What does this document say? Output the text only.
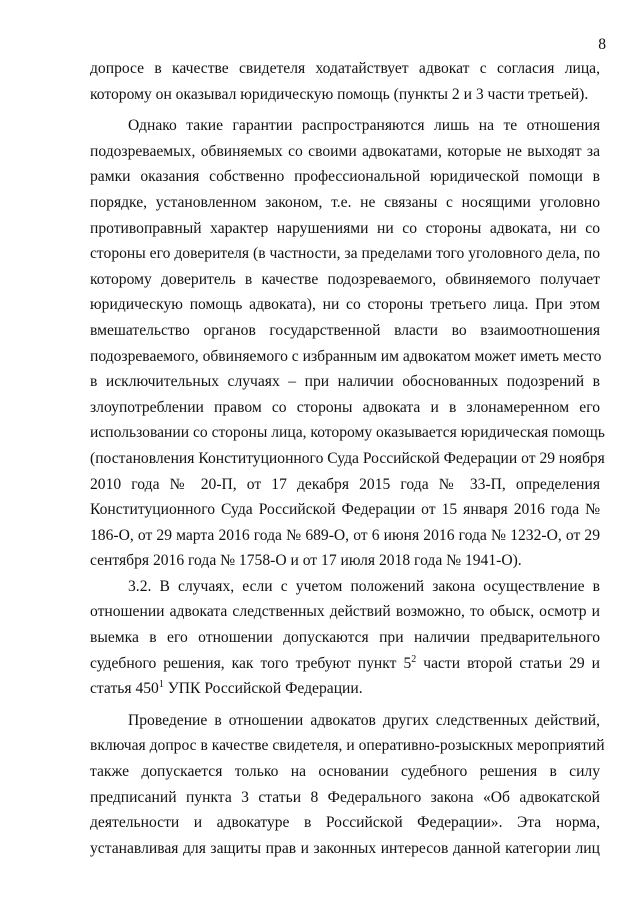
8
допросе в качестве свидетеля ходатайствует адвокат с согласия лица,
которому он оказывал юридическую помощь (пункты 2 и 3 части третьей).
Однако такие гарантии распространяются лишь на те отношения
подозреваемых, обвиняемых со своими адвокатами, которые не выходят за
рамки оказания собственно профессиональной юридической помощи в
порядке, установленном законом, т.е. не связаны с носящими уголовно
противоправный характер нарушениями ни со стороны адвоката, ни со
стороны его доверителя (в частности, за пределами того уголовного дела, по
которому доверитель в качестве подозреваемого, обвиняемого получает
юридическую помощь адвоката), ни со стороны третьего лица. При этом
вмешательство органов государственной власти во взаимоотношения
подозреваемого, обвиняемого с избранным им адвокатом может иметь место
в исключительных случаях – при наличии обоснованных подозрений в
злоупотреблении правом со стороны адвоката и в злонамеренном его
использовании со стороны лица, которому оказывается юридическая помощь
(постановления Конституционного Суда Российской Федерации от 29 ноября
2010 года № 20-П, от 17 декабря 2015 года № 33-П, определения
Конституционного Суда Российской Федерации от 15 января 2016 года №
186-О, от 29 марта 2016 года № 689-О, от 6 июня 2016 года № 1232-О, от 29
сентября 2016 года № 1758-О и от 17 июля 2018 года № 1941-О).
3.2. В случаях, если с учетом положений закона осуществление в
отношении адвоката следственных действий возможно, то обыск, осмотр и
выемка в его отношении допускаются при наличии предварительного
судебного решения, как того требуют пункт $5^2$ части второй статьи 29 и
статья $450^1$ УПК Российской Федерации.
Проведение в отношении адвокатов других следственных действий,
включая допрос в качестве свидетеля, и оперативно-розыскных мероприятий
также допускается только на основании судебного решения в силу
предписаний пункта 3 статьи 8 Федерального закона «Об адвокатской
деятельности и адвокатуре в Российской Федерации». Эта норма,
устанавливая для защиты прав и законных интересов данной категории лиц
